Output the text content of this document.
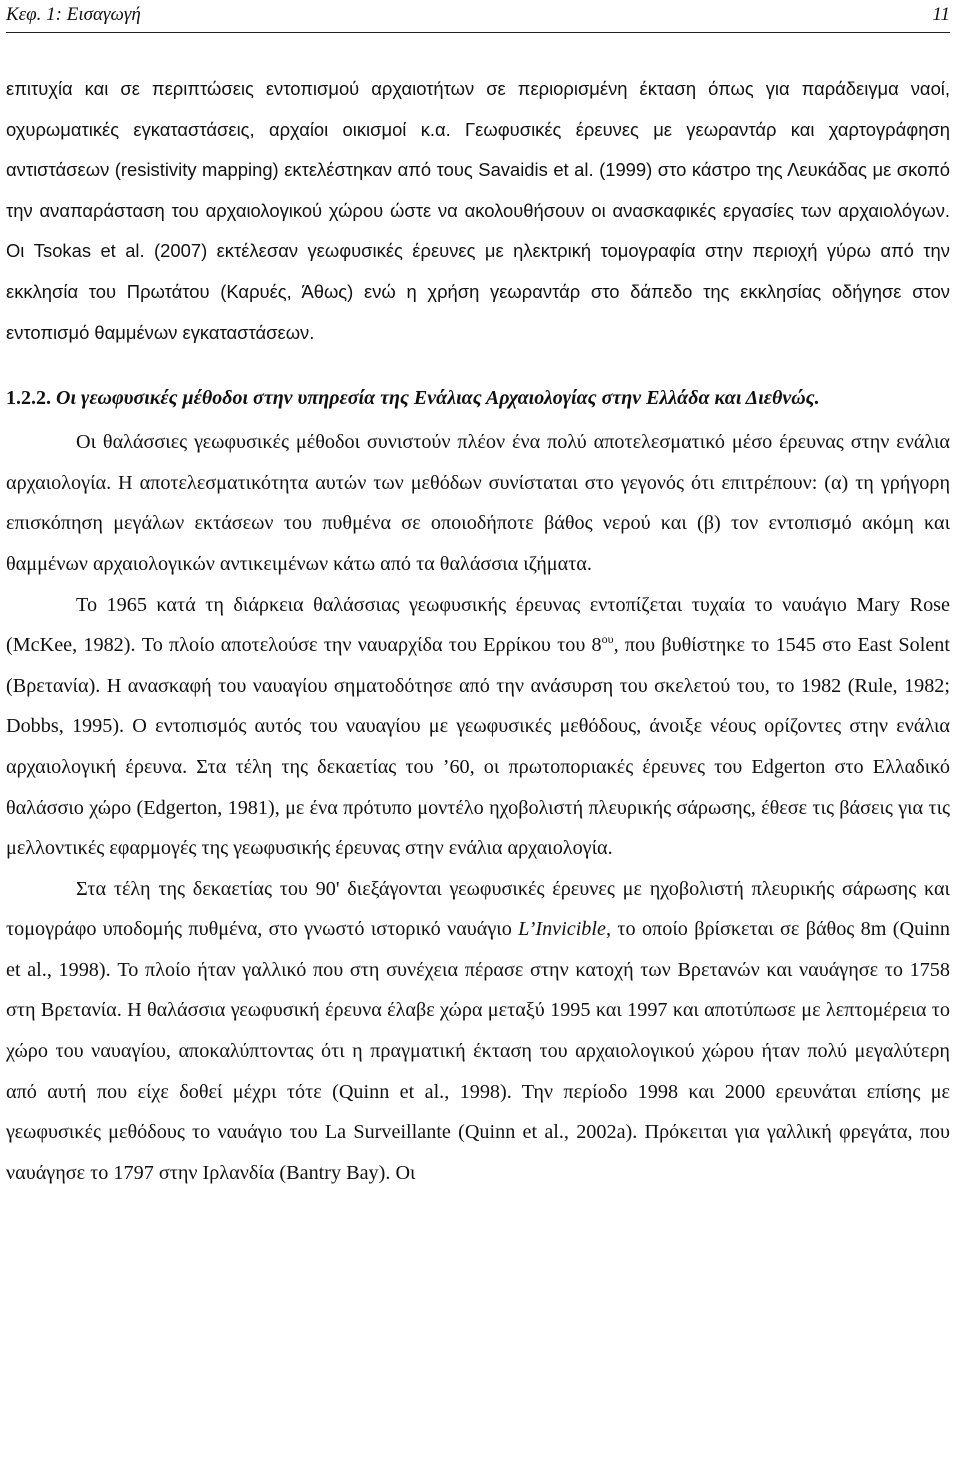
Κεφ. 1: Εισαγωγή	11

επιτυχία και σε περιπτώσεις εντοπισμού αρχαιοτήτων σε περιορισμένη έκταση όπως για παράδειγμα ναοί, οχυρωματικές εγκαταστάσεις, αρχαίοι οικισμοί κ.α. Γεωφυσικές έρευνες με γεωραντάρ και χαρτογράφηση αντιστάσεων (resistivity mapping) εκτελέστηκαν από τους Savaidis et al. (1999) στο κάστρο της Λευκάδας με σκοπό την αναπαράσταση του αρχαιολογικού χώρου ώστε να ακολουθήσουν οι ανασκαφικές εργασίες των αρχαιολόγων. Οι Tsokas et al. (2007) εκτέλεσαν γεωφυσικές έρευνες με ηλεκτρική τομογραφία στην περιοχή γύρω από την εκκλησία του Πρωτάτου (Καρυές, Άθως) ενώ η χρήση γεωραντάρ στο δάπεδο της εκκλησίας οδήγησε στον εντοπισμό θαμμένων εγκαταστάσεων.

1.2.2. Οι γεωφυσικές μέθοδοι στην υπηρεσία της Ενάλιας Αρχαιολογίας στην Ελλάδα και Διεθνώς.

Οι θαλάσσιες γεωφυσικές μέθοδοι συνιστούν πλέον ένα πολύ αποτελεσματικό μέσο έρευνας στην ενάλια αρχαιολογία. Η αποτελεσματικότητα αυτών των μεθόδων συνίσταται στο γεγονός ότι επιτρέπουν: (α) τη γρήγορη επισκόπηση μεγάλων εκτάσεων του πυθμένα σε οποιοδήποτε βάθος νερού και (β) τον εντοπισμό ακόμη και θαμμένων αρχαιολογικών αντικειμένων κάτω από τα θαλάσσια ιζήματα.

Το 1965 κατά τη διάρκεια θαλάσσιας γεωφυσικής έρευνας εντοπίζεται τυχαία το ναυάγιο Mary Rose (McKee, 1982). Το πλοίο αποτελούσε την ναυαρχίδα του Ερρίκου του $8^{o\upsilon}$, που βυθίστηκε το 1545 στο East Solent (Βρετανία). Η ανασκαφή του ναυαγίου σηματοδότησε από την ανάσυρση του σκελετού του, το 1982 (Rule, 1982; Dobbs, 1995). Ο εντοπισμός αυτός του ναυαγίου με γεωφυσικές μεθόδους, άνοιξε νέους ορίζοντες στην ενάλια αρχαιολογική έρευνα. Στα τέλη της δεκαετίας του ’60, οι πρωτοποριακές έρευνες του Edgerton στο Ελλαδικό θαλάσσιο χώρο (Edgerton, 1981), με ένα πρότυπο μοντέλο ηχοβολιστή πλευρικής σάρωσης, έθεσε τις βάσεις για τις μελλοντικές εφαρμογές της γεωφυσικής έρευνας στην ενάλια αρχαιολογία.

Στα τέλη της δεκαετίας του 90' διεξάγονται γεωφυσικές έρευνες με ηχοβολιστή πλευρικής σάρωσης και τομογράφο υποδομής πυθμένα, στο γνωστό ιστορικό ναυάγιο L’Invicible, το οποίο βρίσκεται σε βάθος 8m (Quinn et al., 1998). Το πλοίο ήταν γαλλικό που στη συνέχεια πέρασε στην κατοχή των Βρετανών και ναυάγησε το 1758 στη Βρετανία. Η θαλάσσια γεωφυσική έρευνα έλαβε χώρα μεταξύ 1995 και 1997 και αποτύπωσε με λεπτομέρεια το χώρο του ναυαγίου, αποκαλύπτοντας ότι η πραγματική έκταση του αρχαιολογικού χώρου ήταν πολύ μεγαλύτερη από αυτή που είχε δοθεί μέχρι τότε (Quinn et al., 1998). Την περίοδο 1998 και 2000 ερευνάται επίσης με γεωφυσικές μεθόδους το ναυάγιο του La Surveillante (Quinn et al., 2002a). Πρόκειται για γαλλική φρεγάτα, που ναυάγησε το 1797 στην Ιρλανδία (Bantry Bay). Οι
